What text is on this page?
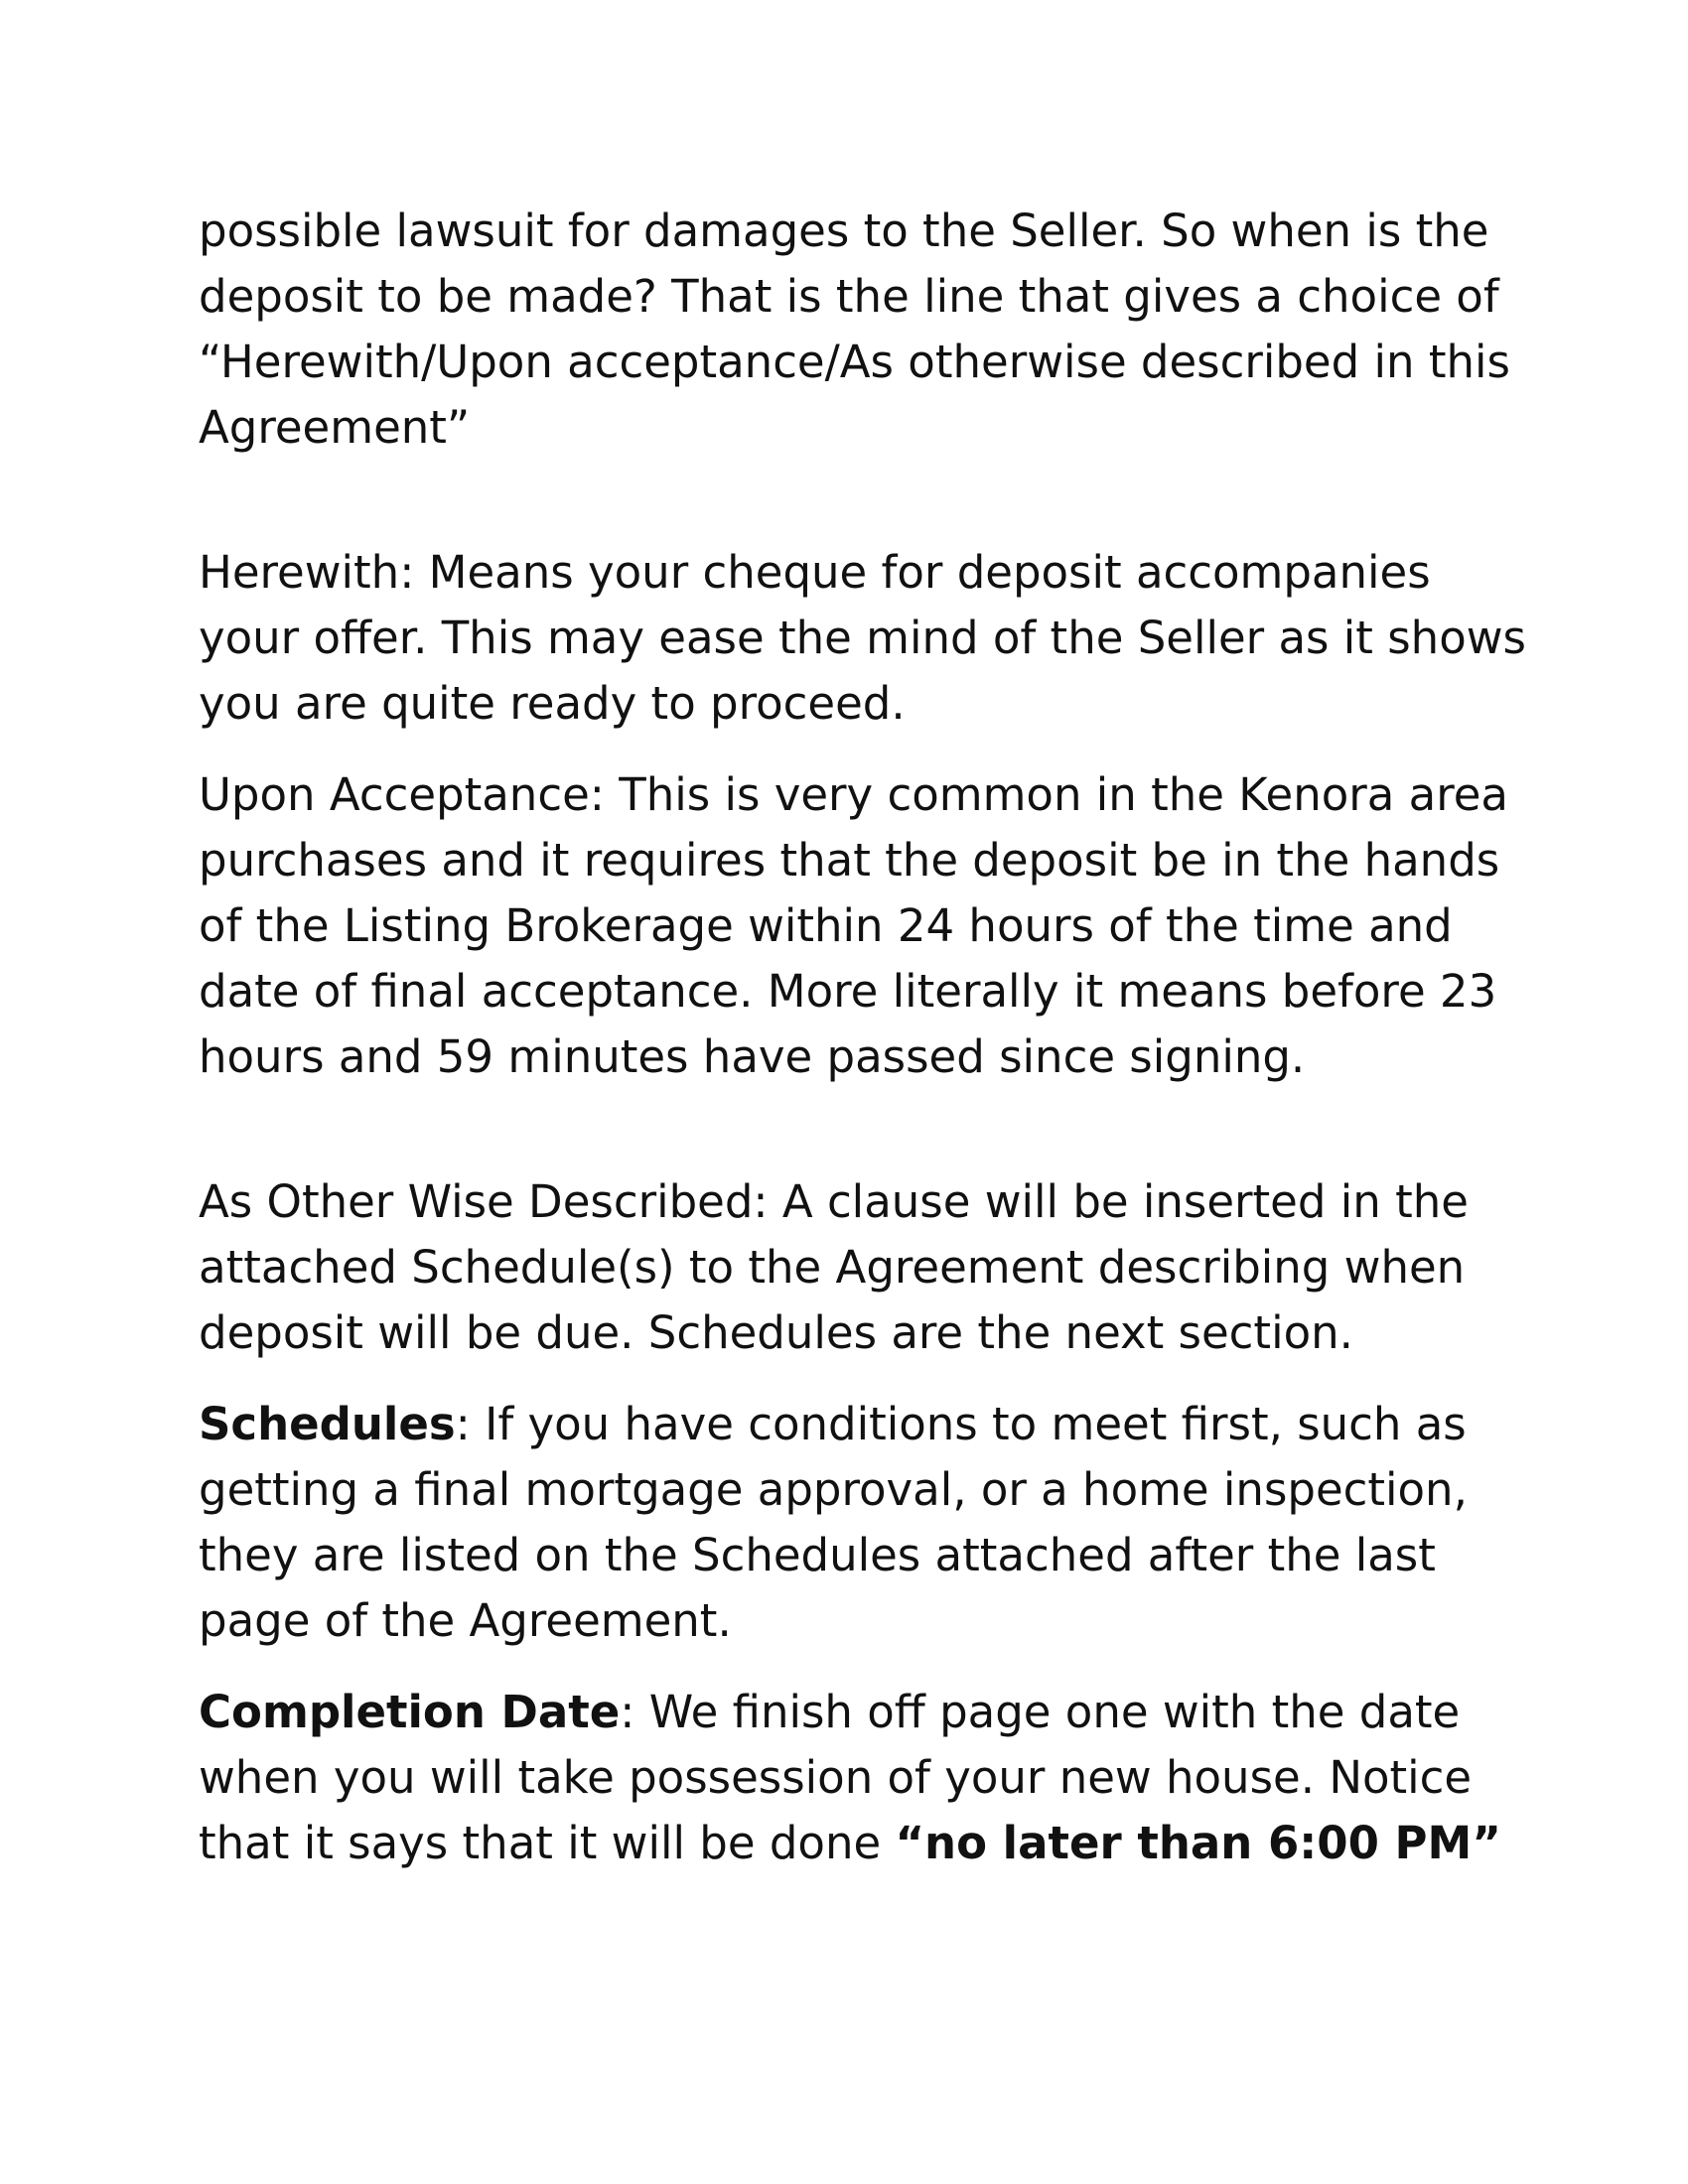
possible lawsuit for damages to the Seller. So when is the
deposit to be made? That is the line that gives a choice of
“Herewith/Upon acceptance/As otherwise described in this
Agreement”

Herewith: Means your cheque for deposit accompanies
your offer. This may ease the mind of the Seller as it shows
you are quite ready to proceed.

Upon Acceptance: This is very common in the Kenora area
purchases and it requires that the deposit be in the hands
of the Listing Brokerage within 24 hours of the time and
date of final acceptance. More literally it means before 23
hours and 59 minutes have passed since signing.

As Other Wise Described: A clause will be inserted in the
attached Schedule(s) to the Agreement describing when
deposit will be due. Schedules are the next section.

Schedules: If you have conditions to meet first, such as
getting a final mortgage approval, or a home inspection,
they are listed on the Schedules attached after the last
page of the Agreement.

Completion Date: We finish off page one with the date
when you will take possession of your new house. Notice
that it says that it will be done “no later than 6:00 PM”
